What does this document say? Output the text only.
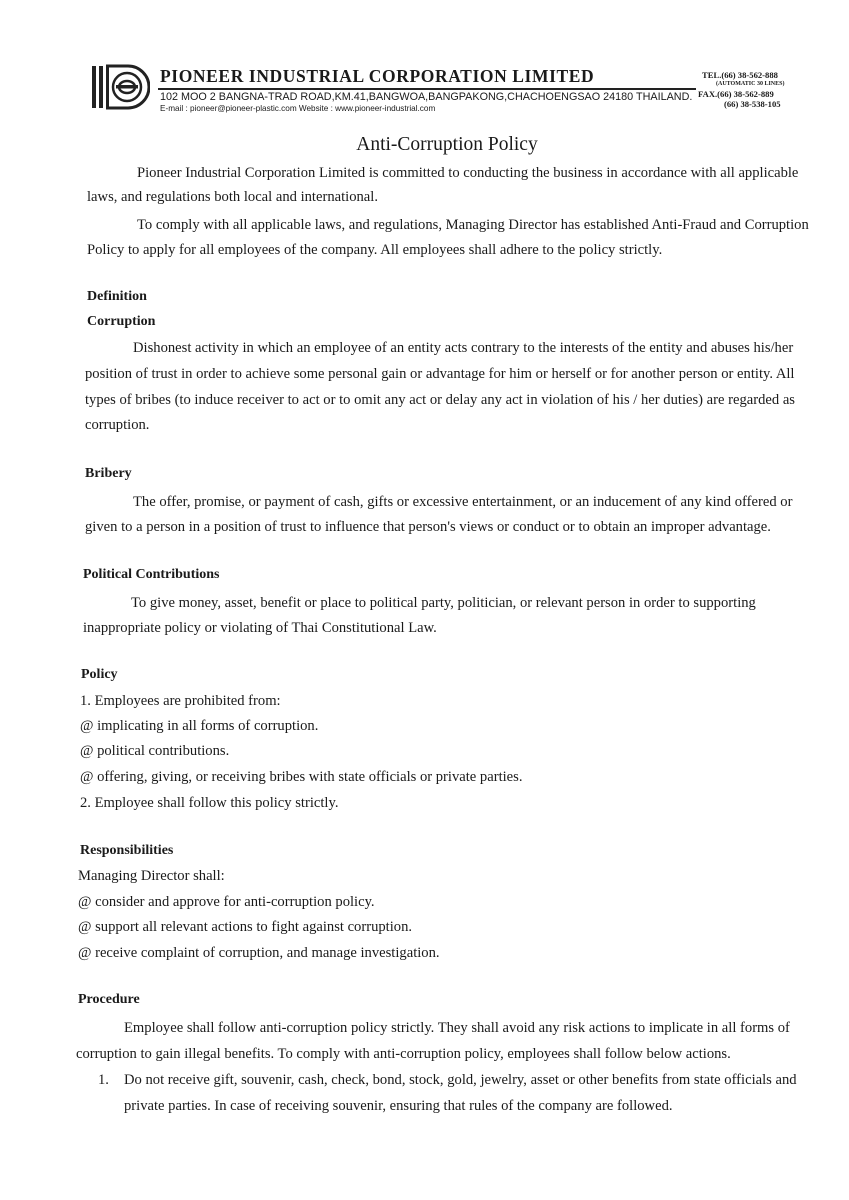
PIONEER INDUSTRIAL CORPORATION LIMITED
102 MOO 2 BANGNA-TRAD ROAD,KM.41,BANGWOA,BANGPAKONG,CHACHOENGSAO 24180 THAILAND.
E-mail : pioneer@pioneer-plastic.com Website : www.pioneer-industrial.com
TEL.(66) 38-562-888
(AUTOMATIC 30 LINES)
FAX.(66) 38-562-889
(66) 38-538-105
Anti-Corruption Policy
Pioneer Industrial Corporation Limited is committed to conducting the business in accordance with all applicable
laws, and regulations both local and international.
To comply with all applicable laws, and regulations, Managing Director has established Anti-Fraud and Corruption
Policy to apply for all employees of the company. All employees shall adhere to the policy strictly.
Definition
Corruption
Dishonest activity in which an employee of an entity acts contrary to the interests of the entity and abuses his/her
position of trust in order to achieve some personal gain or advantage for him or herself or for another person or entity. All
types of bribes (to induce receiver to act or to omit any act or delay any act in violation of his / her duties) are regarded as
corruption.
Bribery
The offer, promise, or payment of cash, gifts or excessive entertainment, or an inducement of any kind offered or
given to a person in a position of trust to influence that person's views or conduct or to obtain an improper advantage.
Political Contributions
To give money, asset, benefit or place to political party, politician, or relevant person in order to supporting
inappropriate policy or violating of Thai Constitutional Law.
Policy
1. Employees are prohibited from:
@ implicating in all forms of corruption.
@ political contributions.
@ offering, giving, or receiving bribes with state officials or private parties.
2. Employee shall follow this policy strictly.
Responsibilities
Managing Director shall:
@ consider and approve for anti-corruption policy.
@ support all relevant actions to fight against corruption.
@ receive complaint of corruption, and manage investigation.
Procedure
Employee shall follow anti-corruption policy strictly. They shall avoid any risk actions to implicate in all forms of
corruption to gain illegal benefits. To comply with anti-corruption policy, employees shall follow below actions.
1. Do not receive gift, souvenir, cash, check, bond, stock, gold, jewelry, asset or other benefits from state officials and
private parties. In case of receiving souvenir, ensuring that rules of the company are followed.
